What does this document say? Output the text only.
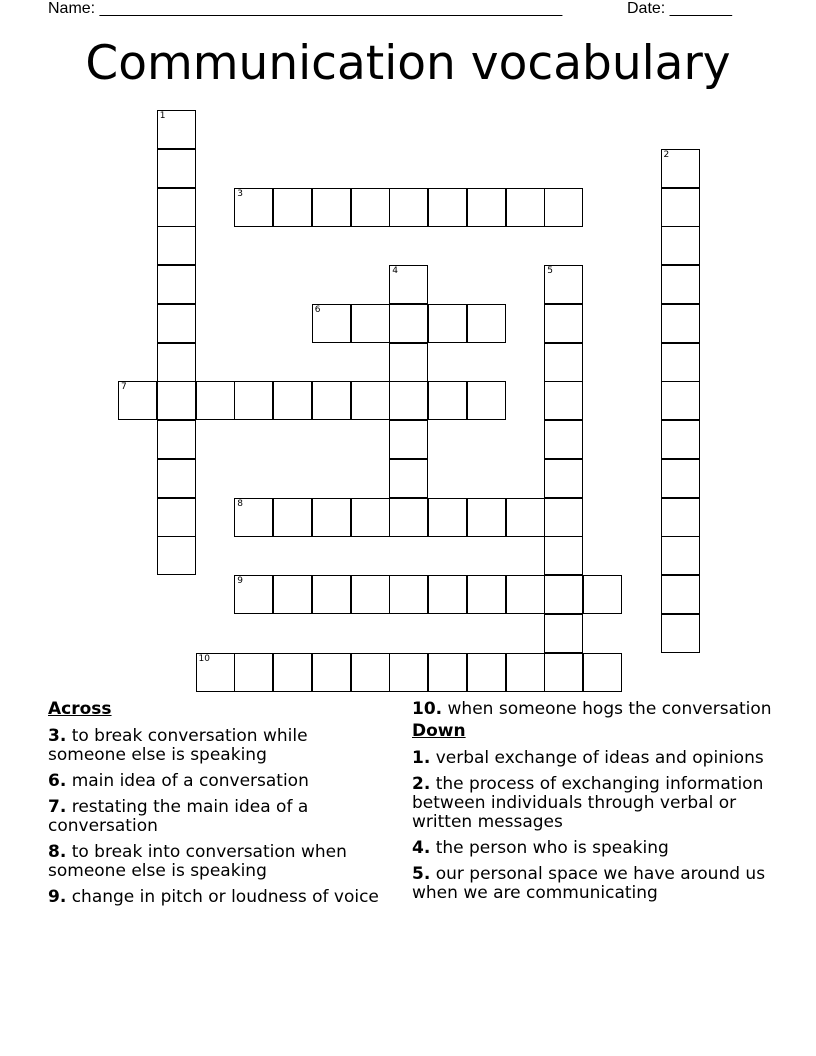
Name: ____________________________________________________	Date: _______
Communication vocabulary
1
2
4	5
3
6
7
8
9
10
Across
3. to break conversation while someone else is speaking
6. main idea of a conversation
7. restating the main idea of a conversation
8. to break into conversation when someone else is speaking
9. change in pitch or loudness of voice
10. when someone hogs the conversation
Down
1. verbal exchange of ideas and opinions
2. the process of exchanging information between individuals through verbal or written messages
4. the person who is speaking
5. our personal space we have around us when we are communicating
